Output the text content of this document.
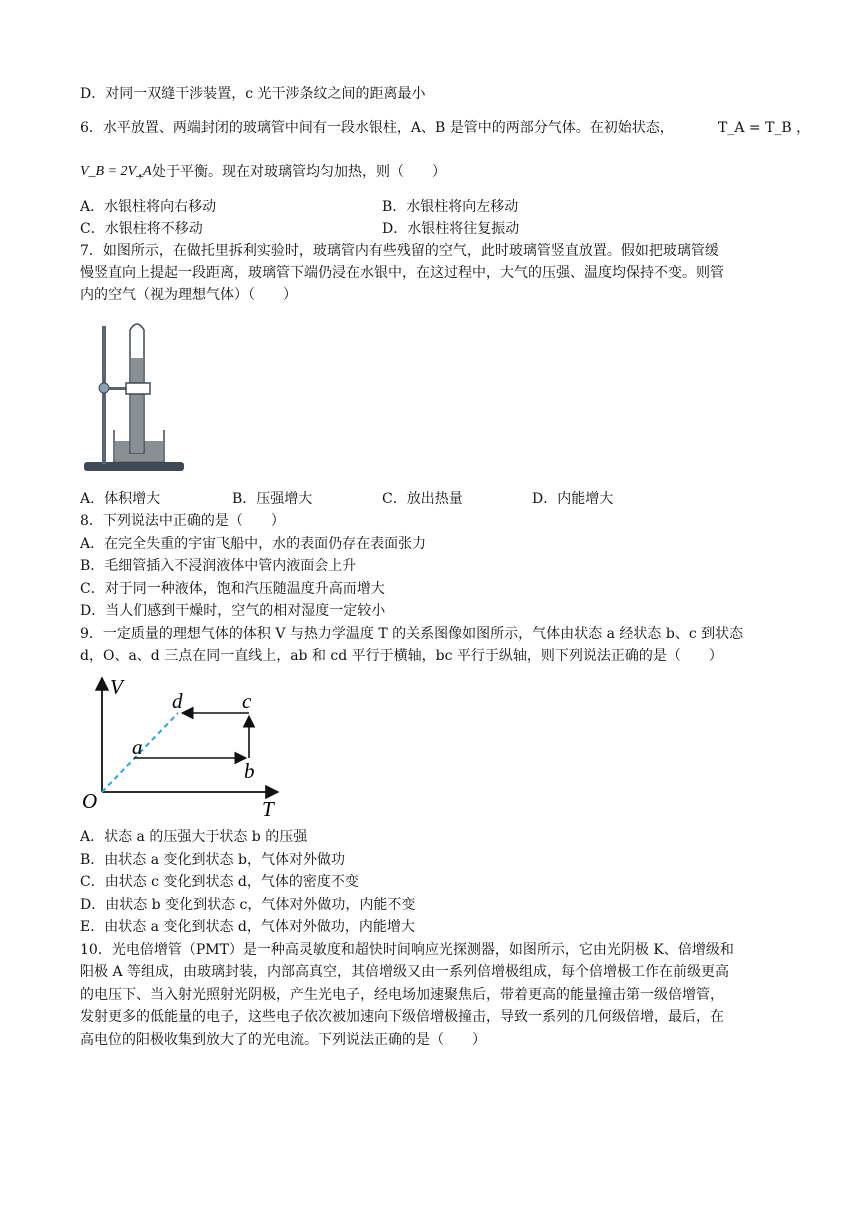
D．对同一双缝干涉装置，c 光干涉条纹之间的距离最小
6．水平放置、两端封闭的玻璃管中间有一段水银柱，A、B 是管中的两部分气体。在初始状态，	T_A = T_B ，
V_B = 2V_A
，处于平衡。现在对玻璃管均匀加热，则（　　）
A．水银柱将向右移动	B．水银柱将向左移动
C．水银柱将不移动	D．水银柱将往复振动
7．如图所示，在做托里拆利实验时，玻璃管内有些残留的空气，此时玻璃管竖直放置。假如把玻璃管缓
慢竖直向上提起一段距离，玻璃管下端仍浸在水银中，在这过程中，大气的压强、温度均保持不变。则管
内的空气（视为理想气体）（　　）
A．体积增大	B．压强增大	C．放出热量	D．内能增大
8．下列说法中正确的是（　　）
A．在完全失重的宇宙飞船中，水的表面仍存在表面张力
B．毛细管插入不浸润液体中管内液面会上升
C．对于同一种液体，饱和汽压随温度升高而增大
D．当人们感到干燥时，空气的相对湿度一定较小
9．一定质量的理想气体的体积 V 与热力学温度 T 的关系图像如图所示，气体由状态 a 经状态 b、c 到状态
d，O、a、d 三点在同一直线上，ab 和 cd 平行于横轴，bc 平行于纵轴，则下列说法正确的是（　　）
V
T
O
a
b
c
d
A．状态 a 的压强大于状态 b 的压强
B．由状态 a 变化到状态 b，气体对外做功
C．由状态 c 变化到状态 d，气体的密度不变
D．由状态 b 变化到状态 c，气体对外做功，内能不变
E．由状态 a 变化到状态 d，气体对外做功，内能增大
10．光电倍增管（PMT）是一种高灵敏度和超快时间响应光探测器，如图所示，它由光阴极 K、倍增级和
阳极 A 等组成，由玻璃封装，内部高真空，其倍增级又由一系列倍增极组成，每个倍增极工作在前级更高
的电压下、当入射光照射光阴极，产生光电子，经电场加速聚焦后，带着更高的能量撞击第一级倍增管，
发射更多的低能量的电子，这些电子依次被加速向下级倍增极撞击，导致一系列的几何级倍增，最后，在
高电位的阳极收集到放大了的光电流。下列说法正确的是（　　）
